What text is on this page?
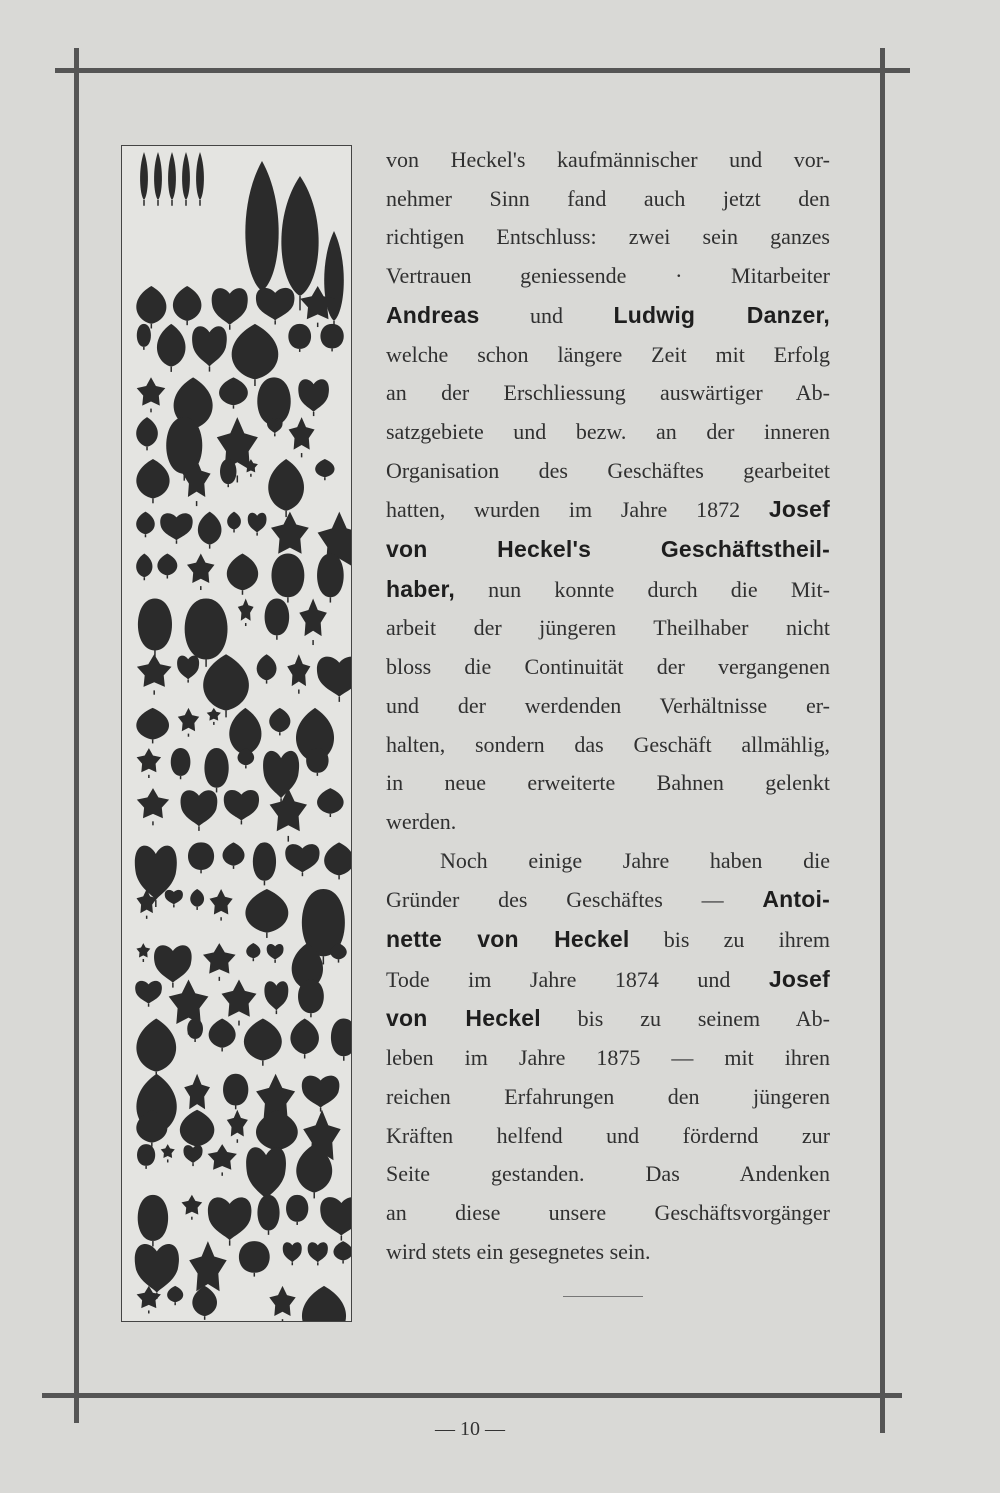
von Heckel's kaufmännischer und vor-
nehmer Sinn fand auch jetzt den
richtigen Entschluss: zwei sein ganzes
Vertrauen geniessende · Mitarbeiter
Andreas und Ludwig Danzer,
welche schon längere Zeit mit Erfolg
an der Erschliessung auswärtiger Ab-
satzgebiete und bezw. an der inneren
Organisation des Geschäftes gearbeitet
hatten, wurden im Jahre 1872 Josef
von Heckel's Geschäftstheil-
haber, nun konnte durch die Mit-
arbeit der jüngeren Theilhaber nicht
bloss die Continuität der vergangenen
und der werdenden Verhältnisse er-
halten, sondern das Geschäft allmählig,
in neue erweiterte Bahnen gelenkt
werden.
Noch einige Jahre haben die
Gründer des Geschäftes — Antoi-
nette von Heckel bis zu ihrem
Tode im Jahre 1874 und Josef
von Heckel bis zu seinem Ab-
leben im Jahre 1875 — mit ihren
reichen Erfahrungen den jüngeren
Kräften helfend und fördernd zur
Seite gestanden. Das Andenken
an diese unsere Geschäftsvorgänger
wird stets ein gesegnetes sein.
— 10 —
